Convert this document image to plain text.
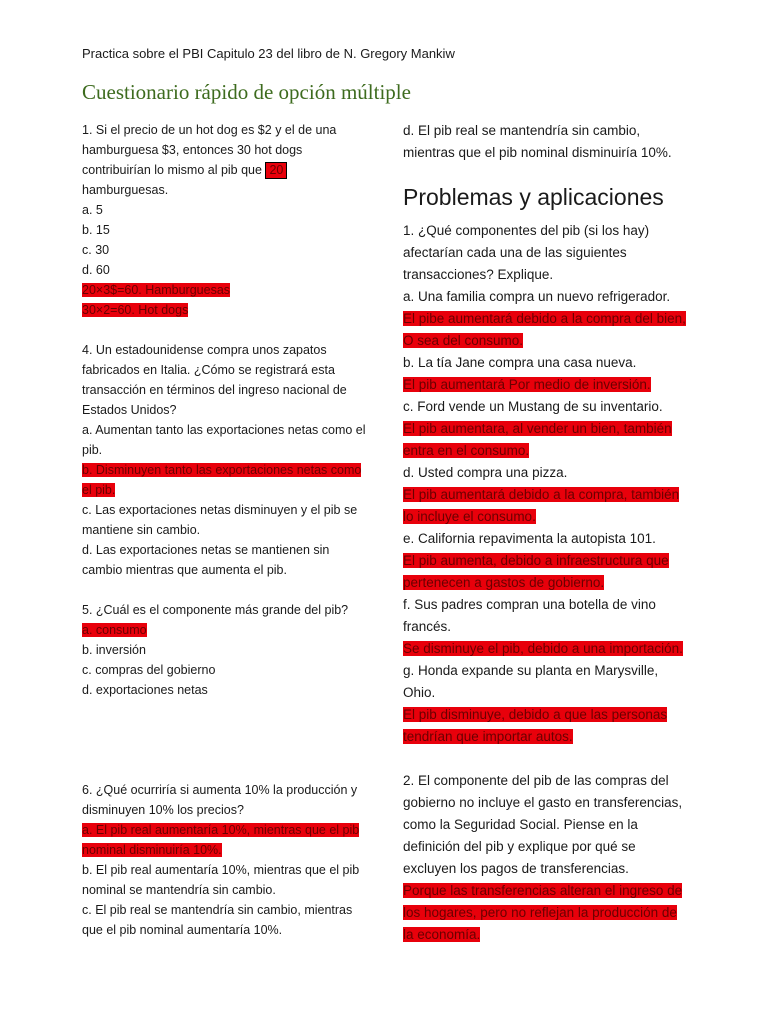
Practica sobre el PBI Capitulo 23 del libro de N. Gregory Mankiw
Cuestionario rápido de opción múltiple

1. Si el precio de un hot dog es $2 y el de una hamburguesa $3, entonces 30 hot dogs contribuirían lo mismo al pib que 20 hamburguesas.

a. 5

b. 15

c. 30

d. 60

20×3$=60. Hamburguesas

30×2=60. Hot dogs

4. Un estadounidense compra unos zapatos fabricados en Italia. ¿Cómo se registrará esta transacción en términos del ingreso nacional de Estados Unidos?

a. Aumentan tanto las exportaciones netas como el pib.

b. Disminuyen tanto las exportaciones netas como el pib.

c. Las exportaciones netas disminuyen y el pib se mantiene sin cambio.

d. Las exportaciones netas se mantienen sin cambio mientras que aumenta el pib.

5. ¿Cuál es el componente más grande del pib?

a. consumo

b. inversión

c. compras del gobierno

d. exportaciones netas

6. ¿Qué ocurriría si aumenta 10% la producción y disminuyen 10% los precios?

a. El pib real aumentaría 10%, mientras que el pib nominal disminuiría 10%.

b. El pib real aumentaría 10%, mientras que el pib nominal se mantendría sin cambio.

c. El pib real se mantendría sin cambio, mientras que el pib nominal aumentaría 10%.

d. El pib real se mantendría sin cambio, mientras que el pib nominal disminuiría 10%.

Problemas y aplicaciones

1. ¿Qué componentes del pib (si los hay) afectarían cada una de las siguientes transacciones? Explique.

a. Una familia compra un nuevo refrigerador.

El pibe aumentará debido a la compra del bien, O sea del consumo.

b. La tía Jane compra una casa nueva.

El pib aumentará Por medio de inversión.

c. Ford vende un Mustang de su inventario.

El pib aumentara, al vender un bien, también entra en el consumo.

d. Usted compra una pizza.

El pib aumentará debido a la compra, también lo incluye el consumo.

e. California repavimenta la autopista 101.

El pib aumenta, debido a infraestructura que pertenecen a gastos de gobierno.

f. Sus padres compran una botella de vino francés.

Se disminuye el pib, debido a una importación.

g. Honda expande su planta en Marysville, Ohio.

El pib disminuye, debido a que las personas tendrían que importar autos.

2. El componente del pib de las compras del gobierno no incluye el gasto en transferencias, como la Seguridad Social. Piense en la definición del pib y explique por qué se excluyen los pagos de transferencias.

Porque las transferencias alteran el ingreso de los hogares, pero no reflejan la producción de la economía.
